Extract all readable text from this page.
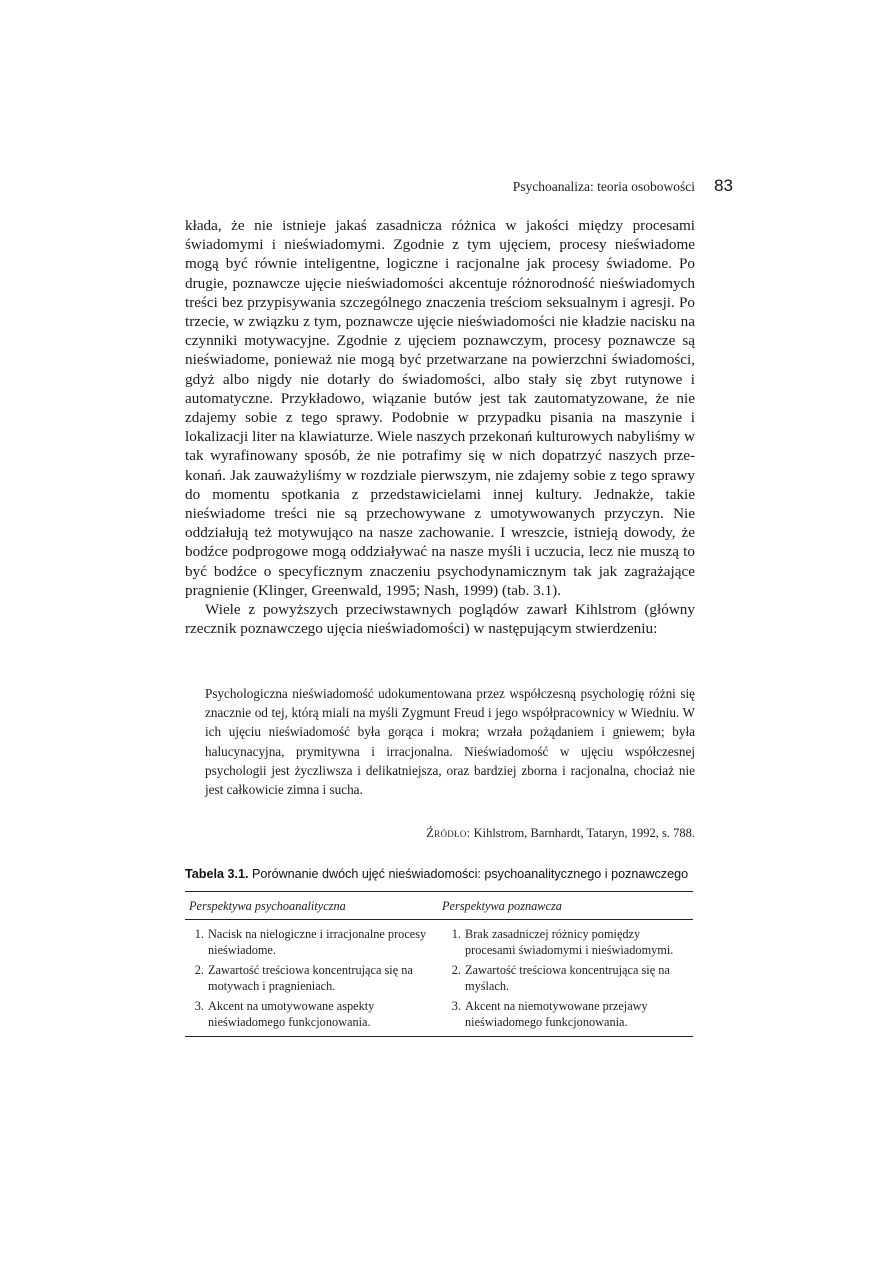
Psychoanaliza: teoria osobowości 83

kłada, że nie istnieje jakaś zasadnicza różnica w jakości między procesami świadomymi i nieświadomymi. Zgodnie z tym ujęciem, procesy nieświadome mogą być równie inteligentne, logiczne i racjonalne jak procesy świadome. Po drugie, poznawcze ujęcie nieświadomości akcentuje różnorodność nieświadomych treści bez przypisywania szczególnego znaczenia treściom seksualnym i agresji. Po trzecie, w związku z tym, poznawcze ujęcie nieświadomości nie kładzie nacisku na czynniki motywacyjne. Zgodnie z ujęciem poznawczym, procesy poznawcze są nieświadome, ponieważ nie mogą być przetwarzane na powierzchni świadomości, gdyż albo nigdy nie dotarły do świadomości, albo stały się zbyt rutynowe i automatyczne. Przykładowo, wiązanie butów jest tak zautomatyzowane, że nie zdajemy sobie z tego sprawy. Podobnie w przypadku pisania na maszynie i lokalizacji liter na klawiaturze. Wiele naszych przekonań kulturowych nabyliśmy w tak wyrafinowany sposób, że nie potrafimy się w nich dopatrzyć naszych przekonań. Jak zauważyliśmy w rozdziale pierwszym, nie zdajemy sobie z tego sprawy do momentu spotkania z przedstawicielami innej kultury. Jednakże, takie nieświadome treści nie są przechowywane z umotywowanych przyczyn. Nie oddziałują też motywująco na nasze zachowanie. I wreszcie, istnieją dowody, że bodźce podprogowe mogą oddziaływać na nasze myśli i uczucia, lecz nie muszą to być bodźce o specyficznym znaczeniu psychodynamicznym tak jak zagrażające pragnienie (Klinger, Greenwald, 1995; Nash, 1999) (tab. 3.1).

Wiele z powyższych przeciwstawnych poglądów zawarł Kihlstrom (główny rzecznik poznawczego ujęcia nieświadomości) w następującym stwierdzeniu:

Psychologiczna nieświadomość udokumentowana przez współczesną psychologię różni się znacznie od tej, którą miali na myśli Zygmunt Freud i jego współpracownicy w Wiedniu. W ich ujęciu nieświadomość była gorąca i mokra; wrzała pożądaniem i gniewem; była halucynacyjna, prymitywna i irracjonalna. Nieświadomość w ujęciu współczesnej psychologii jest życzliwsza i delikatniejsza, oraz bardziej zborna i racjonalna, chociaż nie jest całkowicie zimna i sucha.

Źródło: Kihlstrom, Barnhardt, Tataryn, 1992, s. 788.
Tabela 3.1. Porównanie dwóch ujęć nieświadomości: psychoanalitycznego i poznawczego
Perspektywa psychoanalityczna	Perspektywa poznawcza

1. Nacisk na nielogiczne i irracjonalne procesy nieświadome.	1. Brak zasadniczej różnicy pomiędzy procesami świadomymi i nieświadomymi.

2. Zawartość treściowa koncentrująca się na motywach i pragnieniach.	2. Zawartość treściowa koncentrująca się na myślach.

3. Akcent na umotywowane aspekty nieświadomego funkcjonowania.	3. Akcent na niemotywowane przejawy nieświadomego funkcjonowania.
